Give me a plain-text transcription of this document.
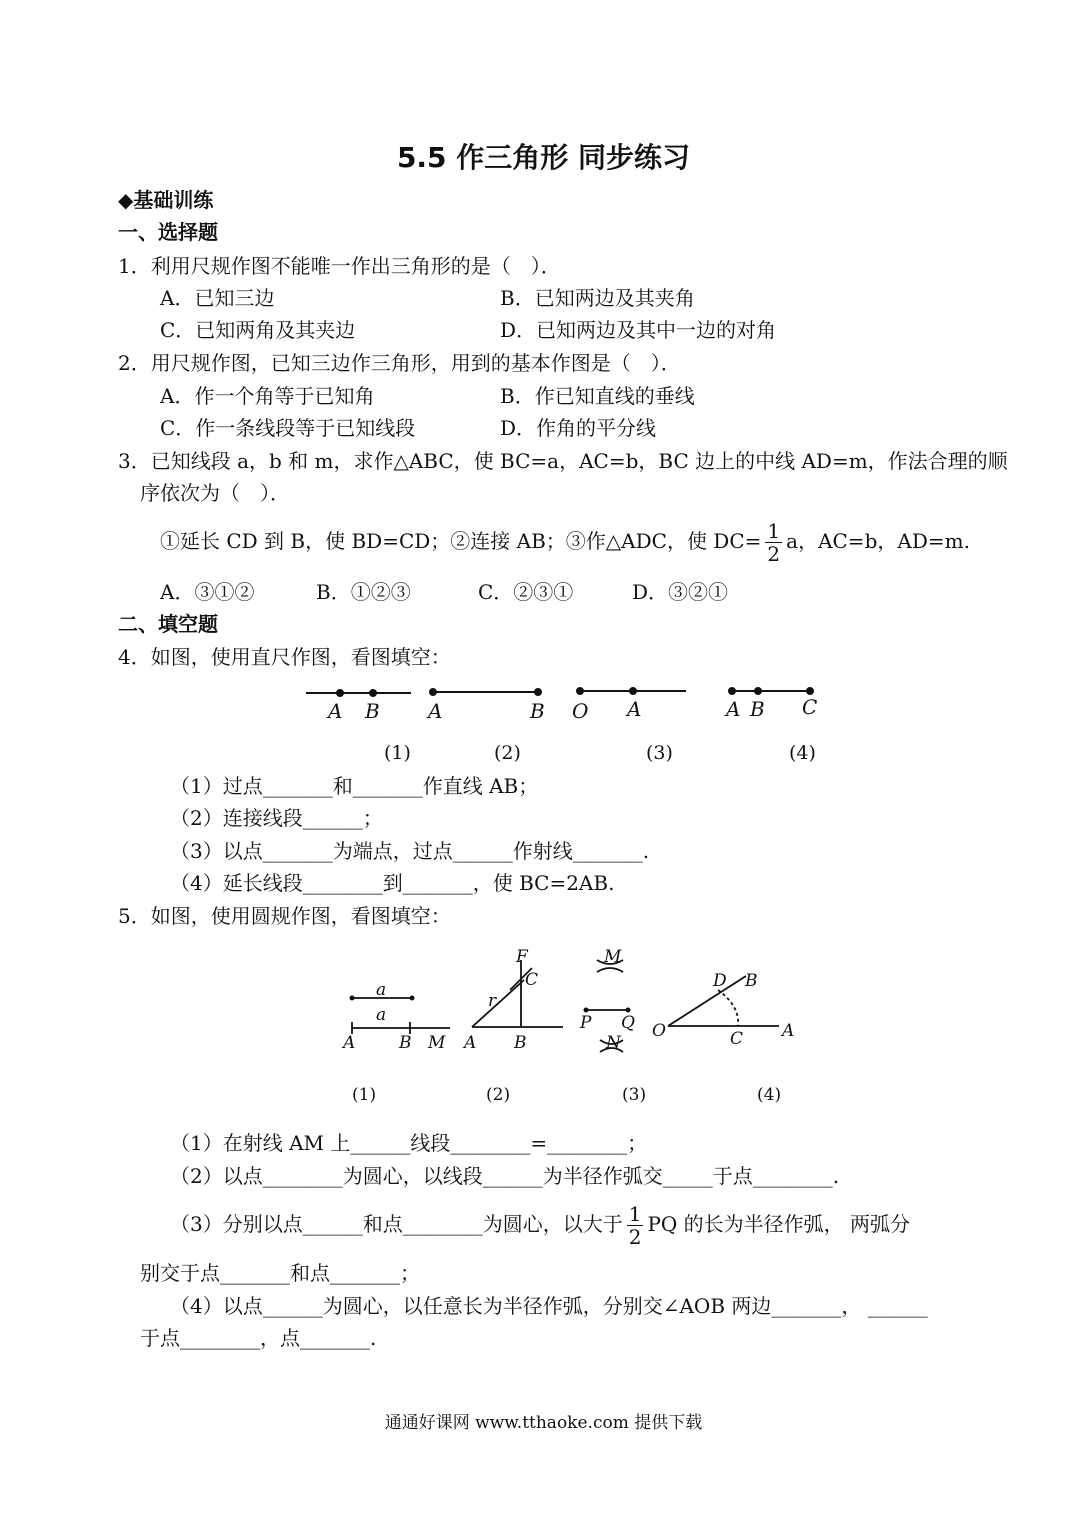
5.5 作三角形 同步练习
◆基础训练
一、选择题
1．利用尺规作图不能唯一作出三角形的是（　）．
A．已知三边	B．已知两边及其夹角
C．已知两角及其夹边	D．已知两边及其中一边的对角
2．用尺规作图，已知三边作三角形，用到的基本作图是（　）．
A．作一个角等于已知角	B．作已知直线的垂线
C．作一条线段等于已知线段	D．作角的平分线
3．已知线段 a，b 和 m，求作△ABC，使 BC=a，AC=b，BC 边上的中线 AD=m，作法合理的顺
序依次为（　）．
①延长 CD 到 B，使 BD=CD；②连接 AB；③作△ADC，使 $DC= \frac{1}{2}$ a，AC=b，AD=m.
A．③①②	B．①②③	C．②③①	D．③②①
二、填空题
4．如图，使用直尺作图，看图填空：
A B A	B O A	A B C
(1)	(2)	(3)	(4)
（1）过点_______和_______作直线 AB；
（2）连接线段______；
（3）以点_______为端点，过点______作射线_______.
（4）延长线段________到_______，使 BC=2AB.
5．如图，使用圆规作图，看图填空：
a
a
A	B M
F
C
r
A B
M
P Q
N
D B
O	C A
(1)	(2)	(3)	(4)
（1）在射线 AM 上______线段________=________；
（2）以点________为圆心，以线段______为半径作弧交_____于点________.
（3）分别以点______和点________为圆心，以大于 $\frac{1}{2}$ PQ 的长为半径作弧， 两弧分
别交于点_______和点_______；
（4）以点______为圆心，以任意长为半径作弧，分别交∠AOB 两边_______， ______
于点________，点_______.
通通好课网 www.tthaoke.com 提供下载
